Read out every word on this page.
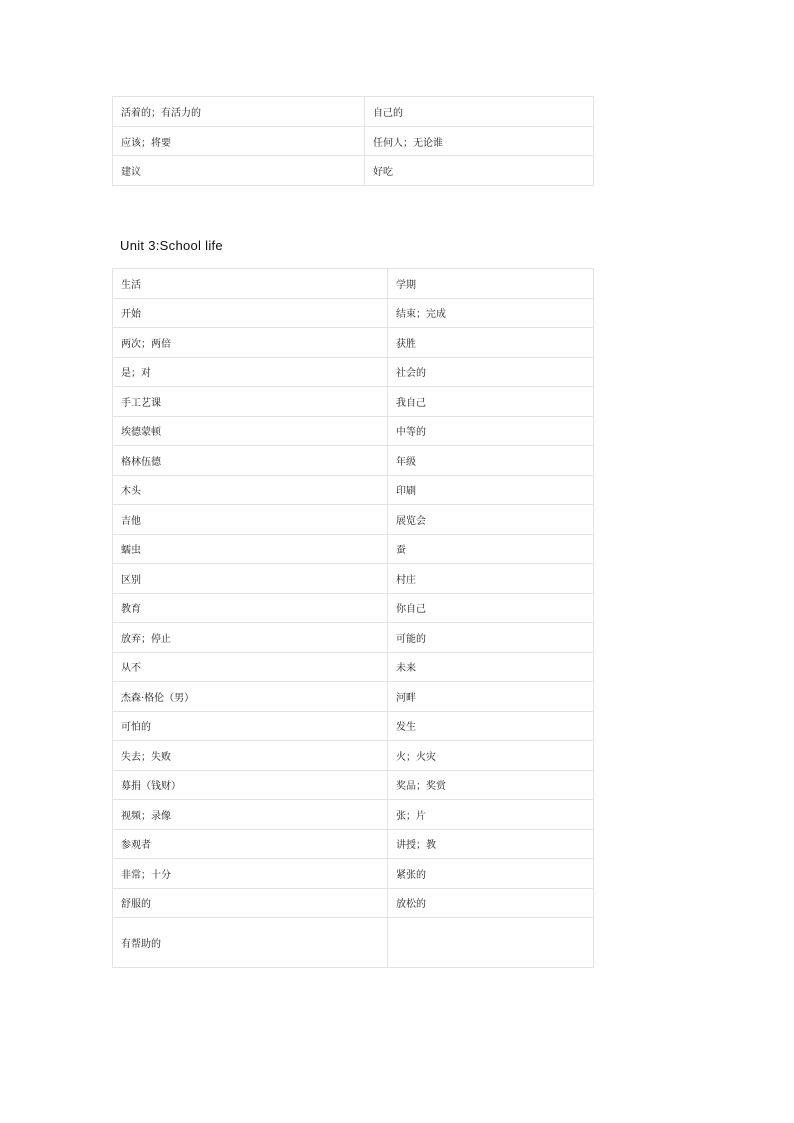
活着的；有活力的	自己的
应该；将要	任何人；无论谁
建议	好吃
Unit 3:School life
生活	学期
开始	结束；完成
两次；两倍	获胜
是；对	社会的
手工艺课	我自己
埃德蒙顿	中等的
格林伍德	年级
木头	印刷
吉他	展览会
蠕虫	蚕
区别	村庄
教育	你自己
放弃；停止	可能的
从不	未来
杰森·格伦（男）	河畔
可怕的	发生
失去；失败	火；火灾
募捐（钱财）	奖品；奖赏
视频；录像	张；片
参观者	讲授；教
非常；十分	紧张的
舒服的	放松的
有帮助的	
